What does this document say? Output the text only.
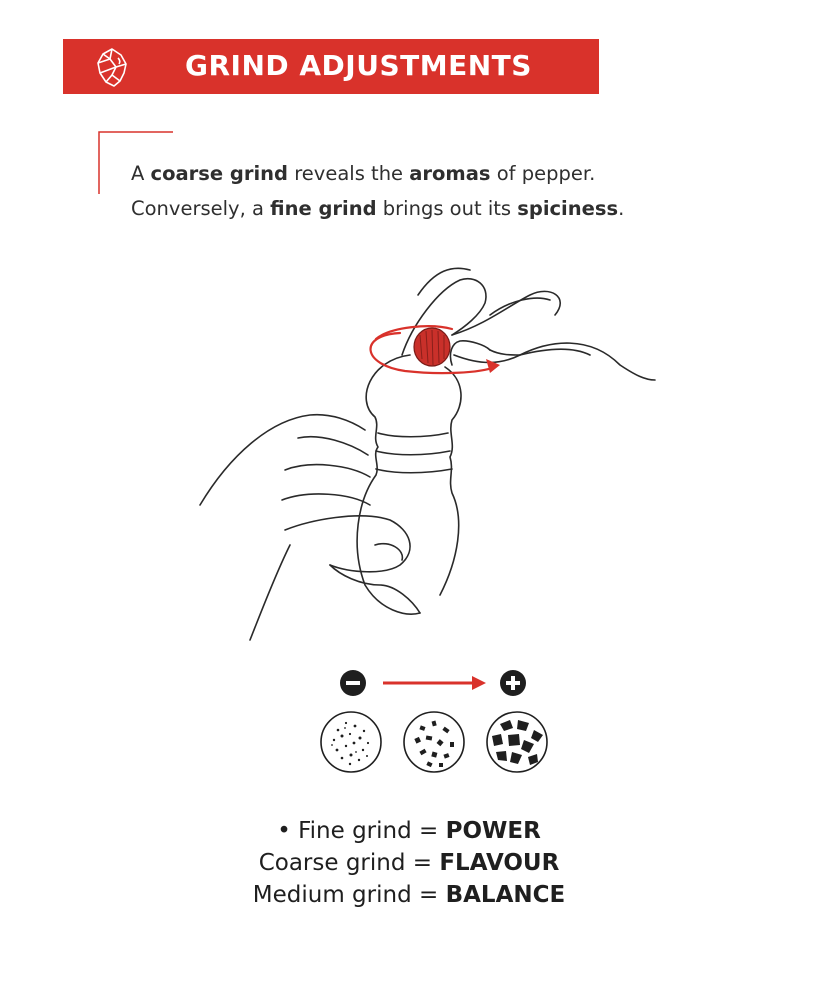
GRIND ADJUSTMENTS
A coarse grind reveals the aromas of pepper.
Conversely, a fine grind brings out its spiciness.
• Fine grind = POWER
Coarse grind = FLAVOUR
Medium grind = BALANCE
